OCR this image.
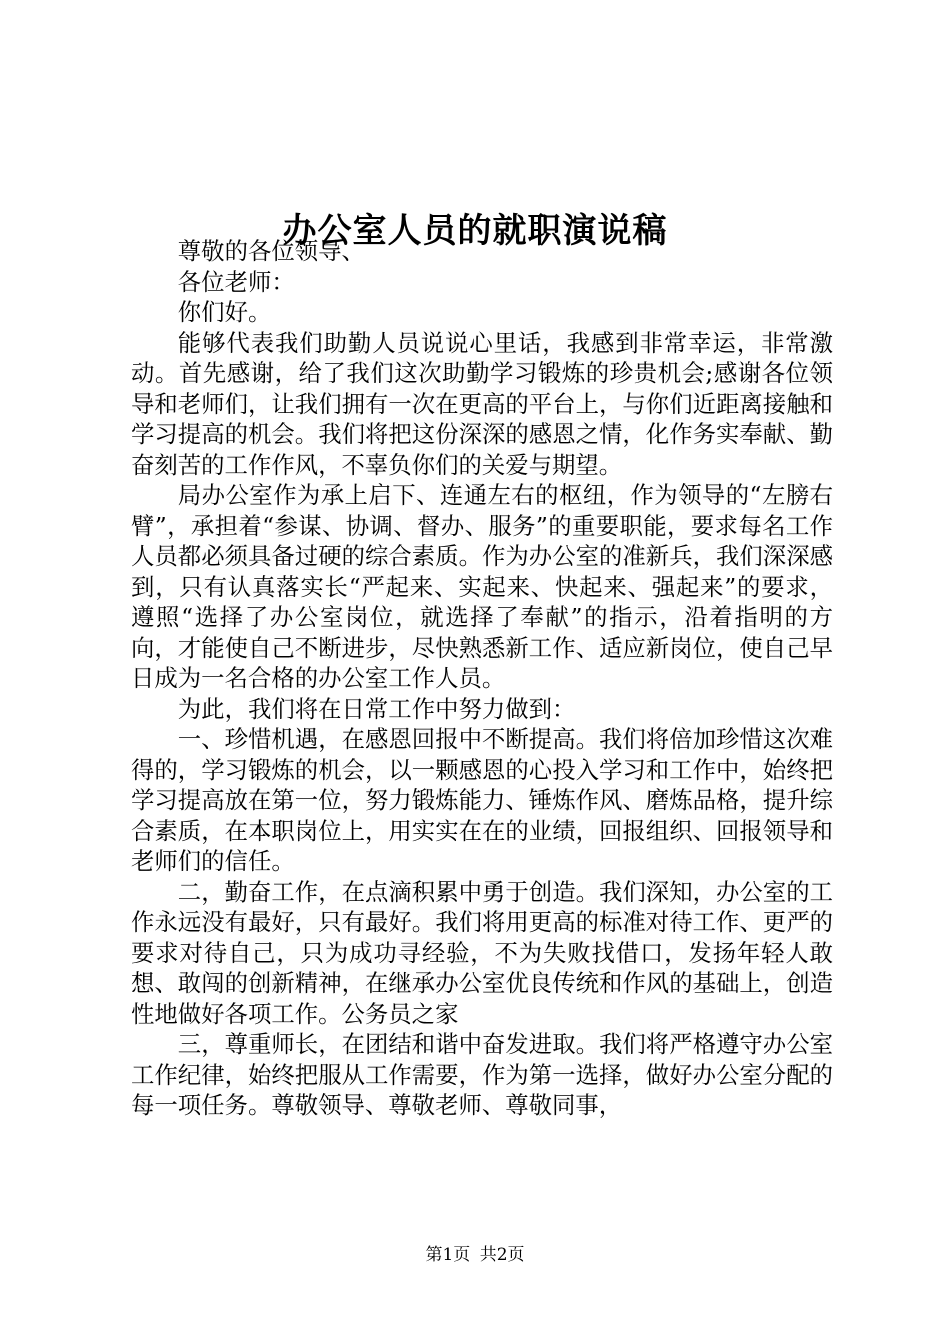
办公室人员的就职演说稿

尊敬的各位领导、

各位老师：

你们好。

能够代表我们助勤人员说说心里话，我感到非常幸运，非常激动。首先感谢，给了我们这次助勤学习锻炼的珍贵机会;感谢各位领导和老师们，让我们拥有一次在更高的平台上，与你们近距离接触和学习提高的机会。我们将把这份深深的感恩之情，化作务实奉献、勤奋刻苦的工作作风，不辜负你们的关爱与期望。

局办公室作为承上启下、连通左右的枢纽，作为领导的“左膀右臂”，承担着“参谋、协调、督办、服务”的重要职能，要求每名工作人员都必须具备过硬的综合素质。作为办公室的准新兵，我们深深感到，只有认真落实长“严起来、实起来、快起来、强起来”的要求，遵照“选择了办公室岗位，就选择了奉献”的指示，沿着指明的方向，才能使自己不断进步，尽快熟悉新工作、适应新岗位，使自己早日成为一名合格的办公室工作人员。

为此，我们将在日常工作中努力做到：

一、珍惜机遇，在感恩回报中不断提高。我们将倍加珍惜这次难得的，学习锻炼的机会，以一颗感恩的心投入学习和工作中，始终把学习提高放在第一位，努力锻炼能力、锤炼作风、磨炼品格，提升综合素质，在本职岗位上，用实实在在的业绩，回报组织、回报领导和老师们的信任。

二，勤奋工作，在点滴积累中勇于创造。我们深知，办公室的工作永远没有最好，只有最好。我们将用更高的标准对待工作、更严的要求对待自己，只为成功寻经验，不为失败找借口，发扬年轻人敢想、敢闯的创新精神，在继承办公室优良传统和作风的基础上，创造性地做好各项工作。公务员之家

三，尊重师长，在团结和谐中奋发进取。我们将严格遵守办公室工作纪律，始终把服从工作需要，作为第一选择，做好办公室分配的每一项任务。尊敬领导、尊敬老师、尊敬同事，

第1页 共2页
